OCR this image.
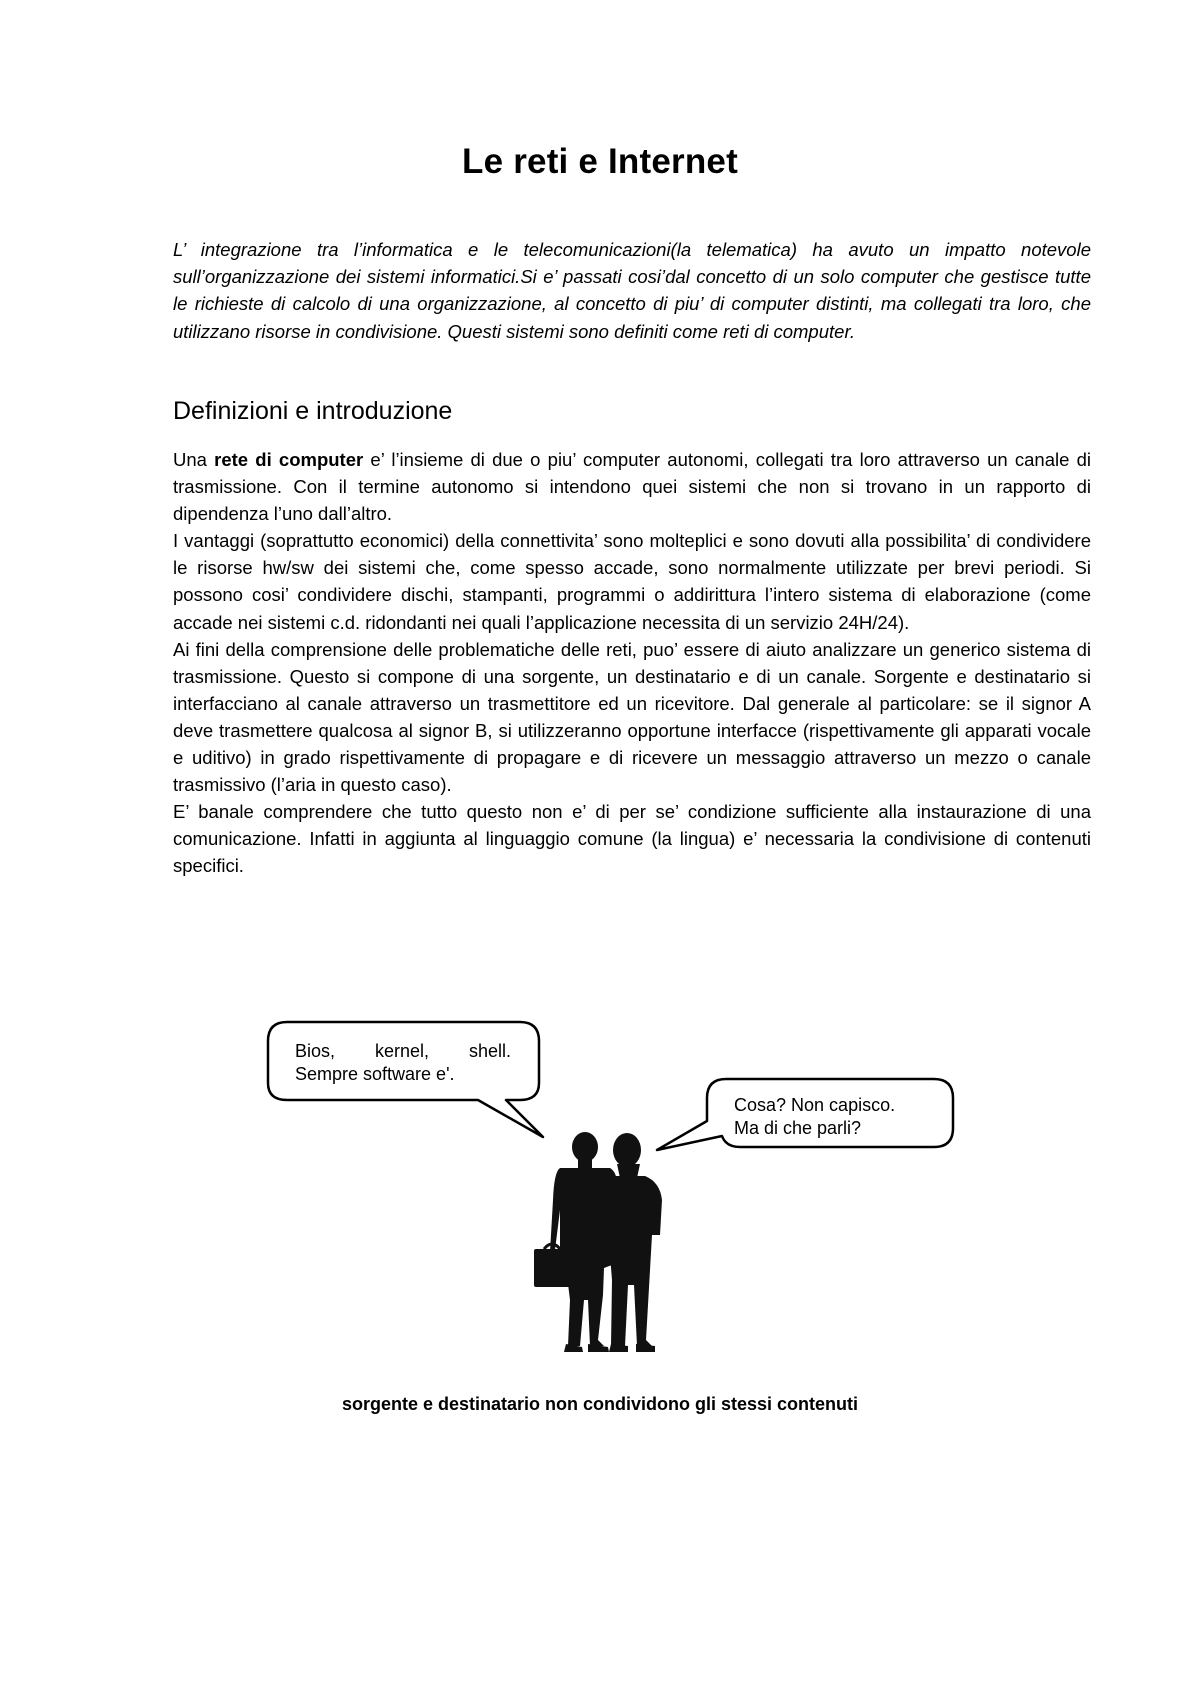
Le reti e Internet

L’ integrazione tra l’informatica e le telecomunicazioni(la telematica) ha avuto un impatto notevole sull’organizzazione dei sistemi informatici.Si e’ passati cosi’dal concetto di un solo computer che gestisce tutte le richieste di calcolo di una organizzazione, al concetto di piu’ di computer distinti, ma collegati tra loro, che utilizzano risorse in condivisione. Questi sistemi sono definiti come reti di computer.

Definizioni e introduzione

Una rete di computer e’ l’insieme di due o piu’ computer autonomi, collegati tra loro attraverso un canale di trasmissione. Con il termine autonomo si intendono quei sistemi che non si trovano in un rapporto di dipendenza l’uno dall’altro.

I vantaggi (soprattutto economici) della connettivita’ sono molteplici e sono dovuti alla possibilita’ di condividere le risorse hw/sw dei sistemi che, come spesso accade, sono normalmente utilizzate per brevi periodi. Si possono cosi’ condividere dischi, stampanti, programmi o addirittura l’intero sistema di elaborazione (come accade nei sistemi c.d. ridondanti nei quali l’applicazione necessita di un servizio 24H/24).

Ai fini della comprensione delle problematiche delle reti, puo’ essere di aiuto analizzare un generico sistema di trasmissione. Questo si compone di una sorgente, un destinatario e di un canale. Sorgente e destinatario si interfacciano al canale attraverso un trasmettitore ed un ricevitore. Dal generale al particolare: se il signor A deve trasmettere qualcosa al signor B, si utilizzeranno opportune interfacce (rispettivamente gli apparati vocale e uditivo) in grado rispettivamente di propagare e di ricevere un messaggio attraverso un mezzo o canale trasmissivo (l’aria in questo caso).

E’ banale comprendere che tutto questo non e’ di per se’ condizione sufficiente alla instaurazione di una comunicazione. Infatti in aggiunta al linguaggio comune (la lingua) e’ necessaria la condivisione di contenuti specifici.

Bios, kernel, shell.
Sempre software e'.
Cosa? Non capisco.
Ma di che parli?
sorgente e destinatario non condividono gli stessi contenuti
